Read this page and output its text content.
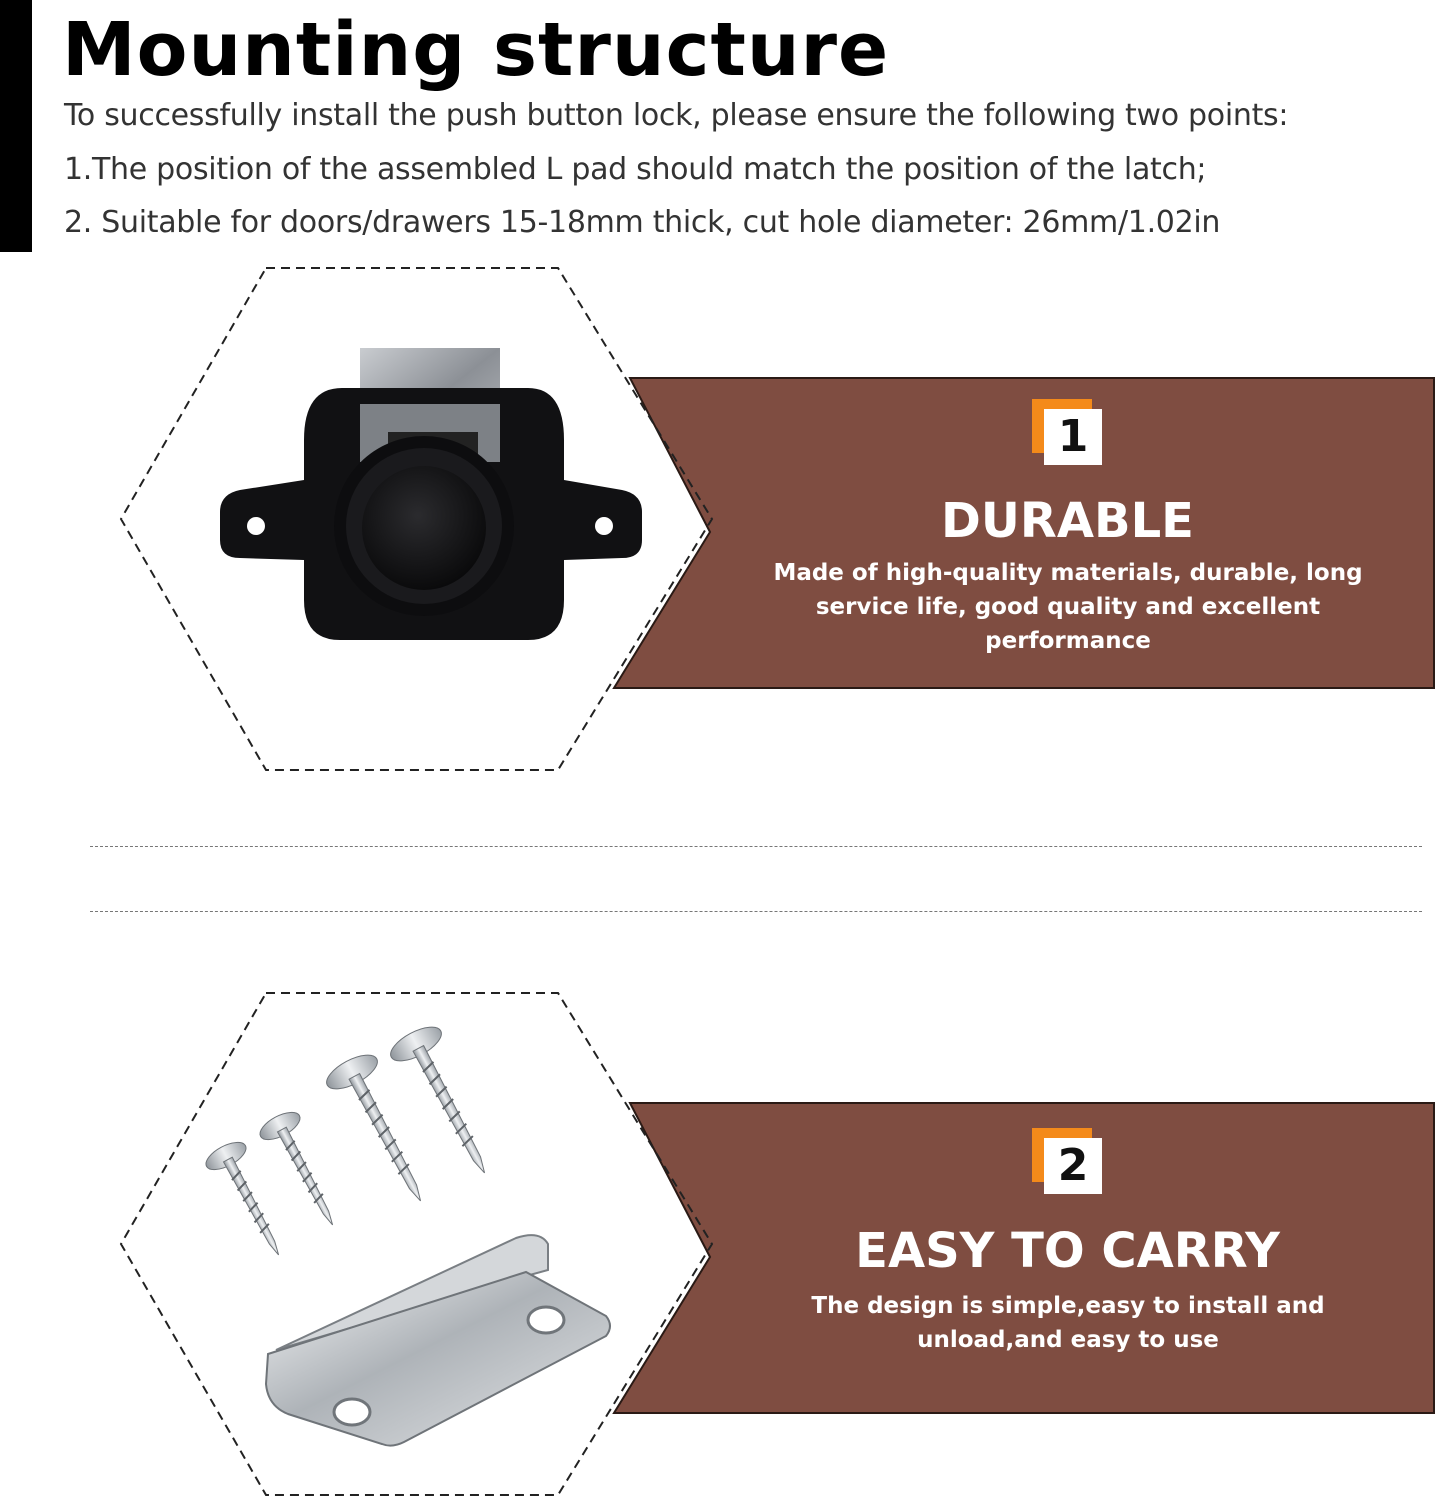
Mounting structure

To successfully install the push button lock, please ensure the following two points:

1.The position of the assembled L pad should match the position of the latch;

2. Suitable for doors/drawers 15-18mm thick, cut hole diameter: 26mm/1.02in

1
DURABLE

Made of high-quality materials, durable, long service life, good quality and excellent performance

2
EASY TO CARRY

The design is simple,easy to install and unload,and easy to use
